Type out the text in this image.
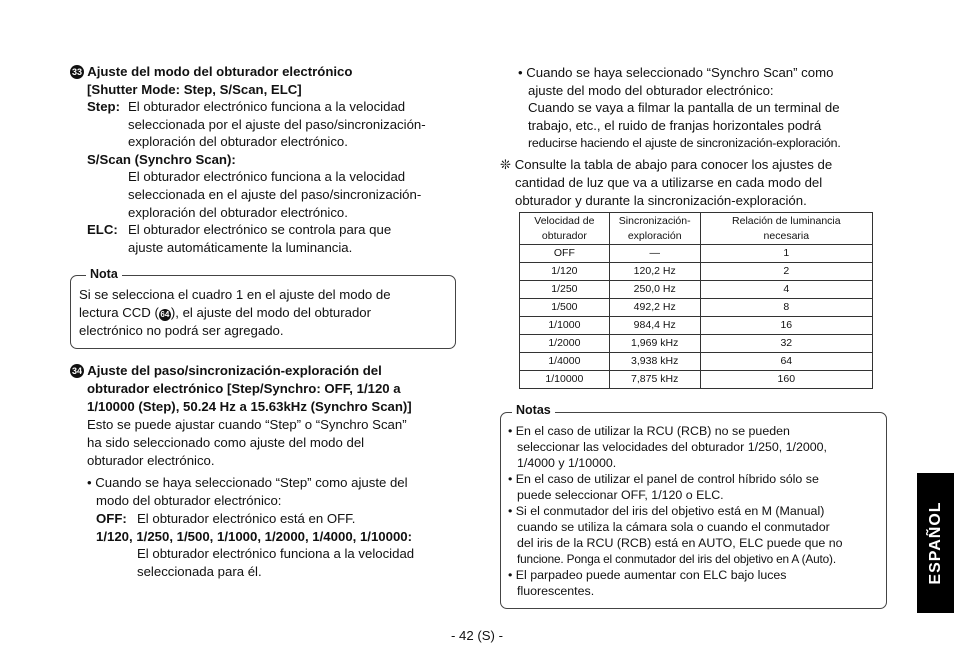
33 Ajuste del modo del obturador electrónico
[Shutter Mode: Step, S/Scan, ELC]
Step: El obturador electrónico funciona a la velocidad
seleccionada por el ajuste del paso/sincronización-
exploración del obturador electrónico.
S/Scan (Synchro Scan):
El obturador electrónico funciona a la velocidad
seleccionada en el ajuste del paso/sincronización-
exploración del obturador electrónico.
ELC: El obturador electrónico se controla para que
ajuste automáticamente la luminancia.
Nota
Si se selecciona el cuadro 1 en el ajuste del modo de
lectura CCD ( 64 ), el ajuste del modo del obturador
electrónico no podrá ser agregado.
34 Ajuste del paso/sincronización-exploración del
obturador electrónico [Step/Synchro: OFF, 1/120 a
1/10000 (Step), 50.24 Hz a 15.63kHz (Synchro Scan)]
Esto se puede ajustar cuando “Step” o “Synchro Scan”
ha sido seleccionado como ajuste del modo del
obturador electrónico.
• Cuando se haya seleccionado “Step” como ajuste del
modo del obturador electrónico:
OFF: El obturador electrónico está en OFF.
1/120, 1/250, 1/500, 1/1000, 1/2000, 1/4000, 1/10000:
El obturador electrónico funciona a la velocidad
seleccionada para él.
• Cuando se haya seleccionado “Synchro Scan” como
ajuste del modo del obturador electrónico:
Cuando se vaya a filmar la pantalla de un terminal de
trabajo, etc., el ruido de franjas horizontales podrá
reducirse haciendo el ajuste de sincronización-exploración.
❊ Consulte la tabla de abajo para conocer los ajustes de
cantidad de luz que va a utilizarse en cada modo del
obturador y durante la sincronización-exploración.
Velocidad de
obturador	Sincronización-
exploración	Relación de luminancia
necesaria
OFF	—	1
1/120	120,2 Hz	2
1/250	250,0 Hz	4
1/500	492,2 Hz	8
1/1000	984,4 Hz	16
1/2000	1,969 kHz	32
1/4000	3,938 kHz	64
1/10000	7,875 kHz	160
Notas
• En el caso de utilizar la RCU (RCB) no se pueden
seleccionar las velocidades del obturador 1/250, 1/2000,
1/4000 y 1/10000.
• En el caso de utilizar el panel de control híbrido sólo se
puede seleccionar OFF, 1/120 o ELC.
• Si el conmutador del iris del objetivo está en M (Manual)
cuando se utiliza la cámara sola o cuando el conmutador
del iris de la RCU (RCB) está en AUTO, ELC puede que no
funcione. Ponga el conmutador del iris del objetivo en A (Auto).
• El parpadeo puede aumentar con ELC bajo luces
fluorescentes.
- 42 (S) -
ESPAÑOL
